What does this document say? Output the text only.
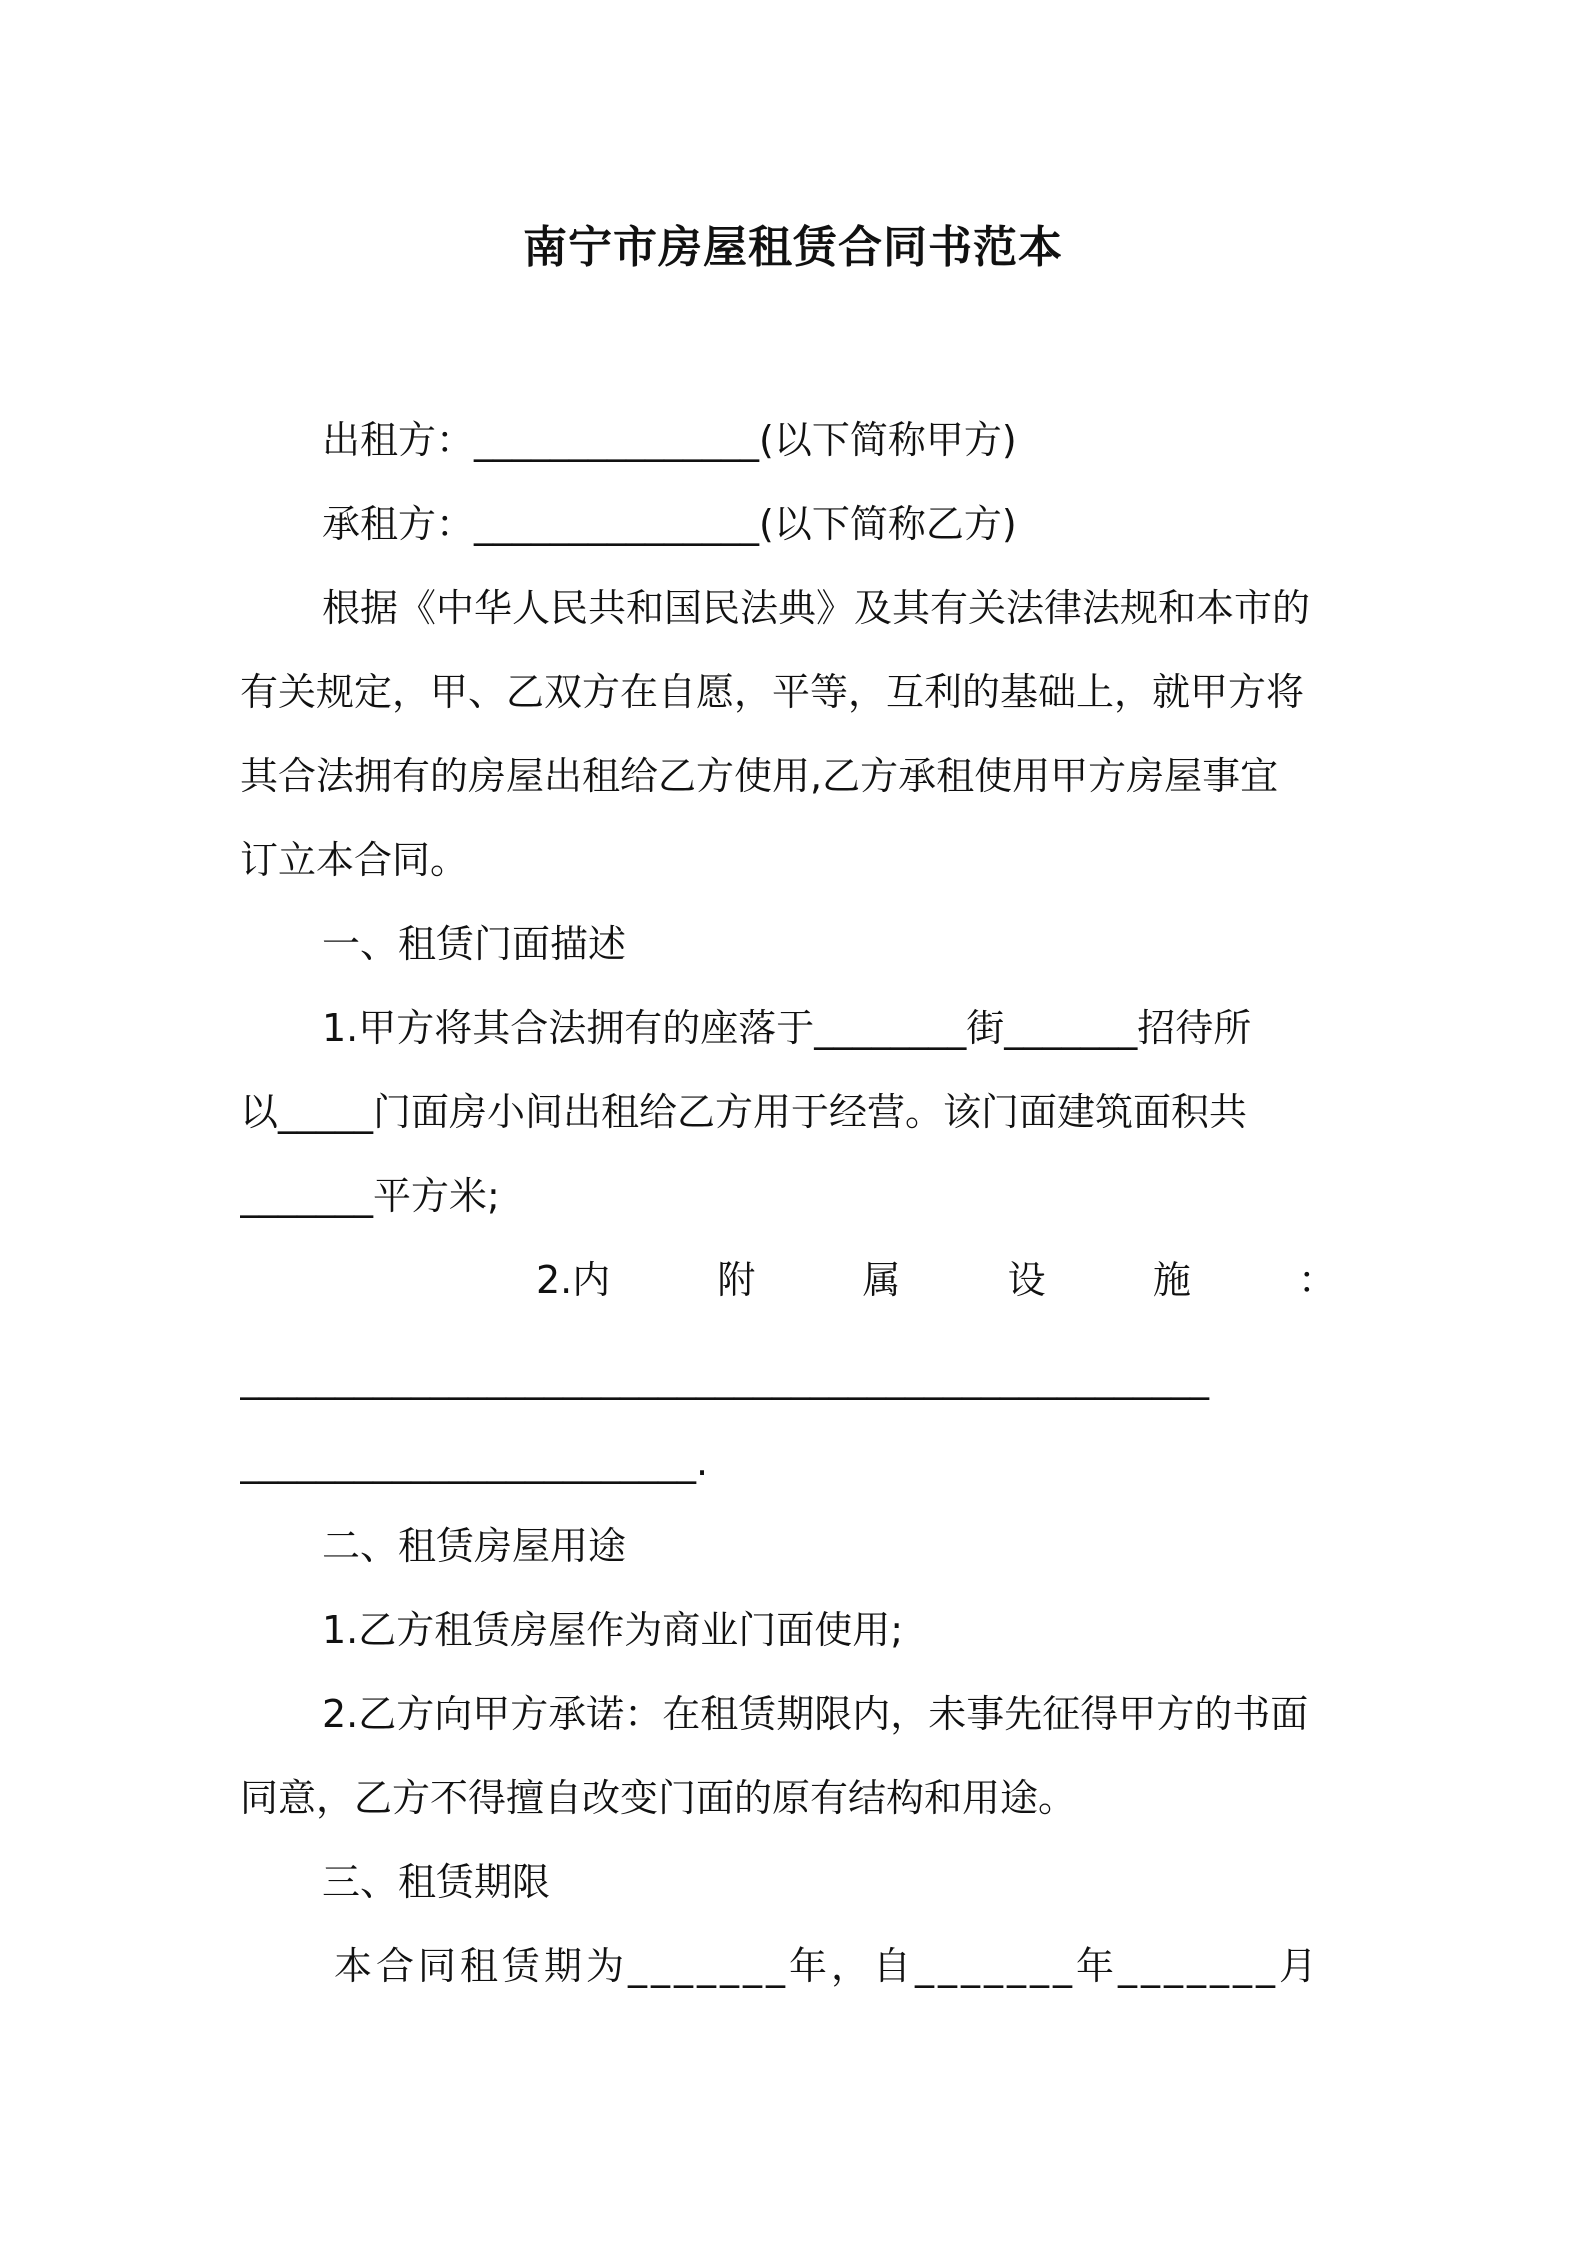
南宁市房屋租赁合同书范本
出租方：_______________(以下简称甲方)
承租方：_______________(以下简称乙方)
根据《中华人民共和国民法典》及其有关法律法规和本市的
有关规定，甲、乙双方在自愿，平等，互利的基础上，就甲方将
其合法拥有的房屋出租给乙方使用,乙方承租使用甲方房屋事宜
订立本合同。
一、租赁门面描述
1.甲方将其合法拥有的座落于________街_______招待所
以_____门面房小间出租给乙方用于经营。该门面建筑面积共
_______平方米;
2.内	附	属	设	施	：
___________________________________________________
________________________.
二、租赁房屋用途
1.乙方租赁房屋作为商业门面使用;
2.乙方向甲方承诺：在租赁期限内，未事先征得甲方的书面
同意，乙方不得擅自改变门面的原有结构和用途。
三、租赁期限
本合同租赁期为_______年，自_______年_______月
